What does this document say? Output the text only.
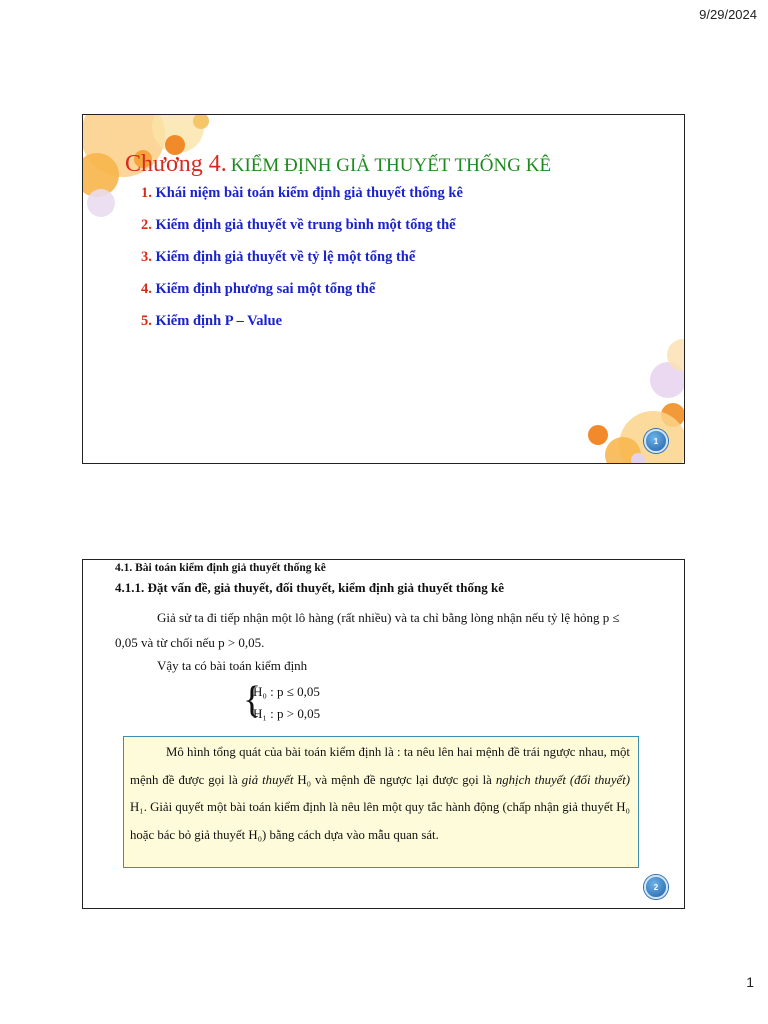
9/29/2024
Chương 4. KIỂM ĐỊNH GIẢ THUYẾT THỐNG KÊ
1. Khái niệm bài toán kiểm định giả thuyết thống kê
2. Kiểm định giả thuyết về trung bình một tổng thể
3. Kiểm định giả thuyết về tỷ lệ một tổng thể
4. Kiểm định phương sai một tổng thể
5. Kiểm định P – Value
1
4.1. Bài toán kiểm định giả thuyết thống kê
4.1.1. Đặt vấn đề, giả thuyết, đối thuyết, kiểm định giả thuyết thống kê
Giả sử ta đi tiếp nhận một lô hàng (rất nhiều) và ta chỉ bằng lòng nhận nếu tỷ lệ hỏng p ≤ 0,05 và từ chối nếu p > 0,05.
Vậy ta có bài toán kiểm định
{
H₀ : p ≤ 0,05
H₁ : p > 0,05
Mô hình tổng quát của bài toán kiểm định là : ta nêu lên hai mệnh đề trái ngược nhau, một mệnh đề được gọi là giả thuyết H₀ và mệnh đề ngược lại được gọi là nghịch thuyết (đối thuyết) H₁. Giải quyết một bài toán kiểm định là nêu lên một quy tắc hành động (chấp nhận giả thuyết H₀ hoặc bác bỏ giả thuyết H₀) bằng cách dựa vào mẫu quan sát.
2
1
